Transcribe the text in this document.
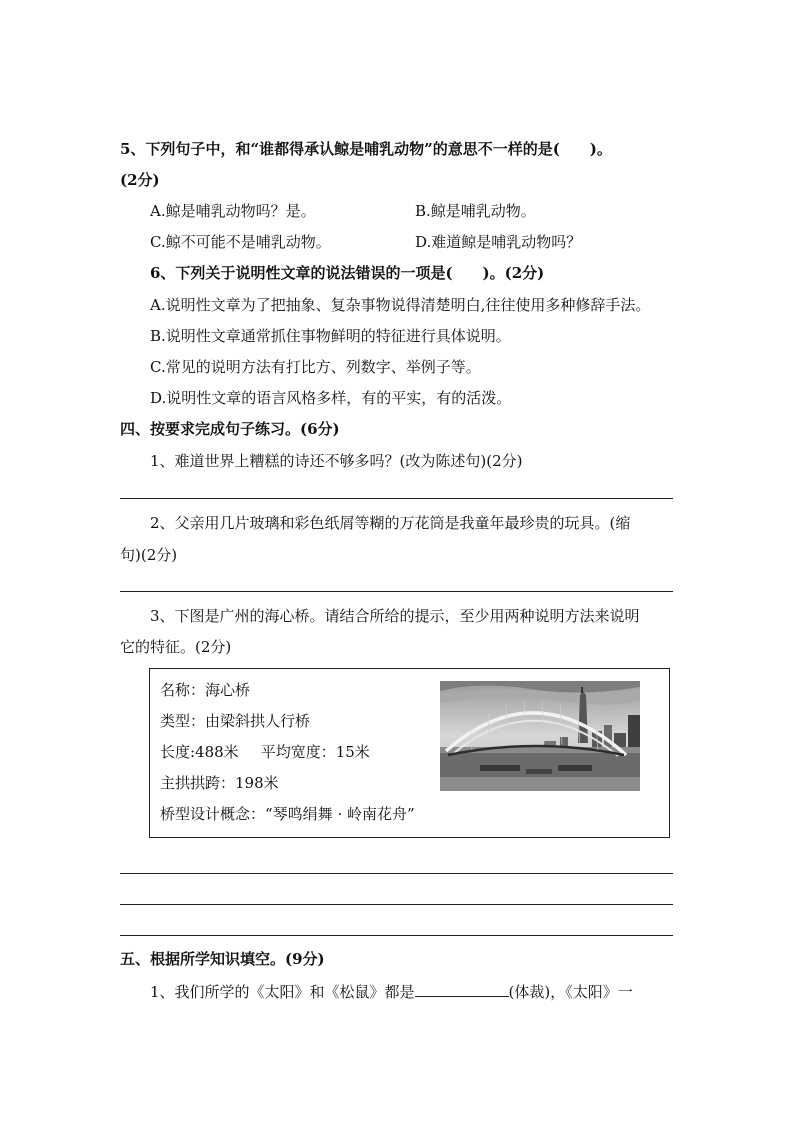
5、下列句子中，和“谁都得承认鲸是哺乳动物”的意思不一样的是(　　)。
(2分)
A.鲸是哺乳动物吗？是。	B.鲸是哺乳动物。
C.鲸不可能不是哺乳动物。	D.难道鲸是哺乳动物吗？
6、下列关于说明性文章的说法错误的一项是(　　)。(2分)
A.说明性文章为了把抽象、复杂事物说得清楚明白,往往使用多种修辞手法。
B.说明性文章通常抓住事物鲜明的特征进行具体说明。
C.常见的说明方法有打比方、列数字、举例子等。
D.说明性文章的语言风格多样，有的平实，有的活泼。
四、按要求完成句子练习。(6分)
1、难道世界上糟糕的诗还不够多吗？(改为陈述句)(2分)
2、父亲用几片玻璃和彩色纸屑等糊的万花筒是我童年最珍贵的玩具。(缩
句)(2分)
3、下图是广州的海心桥。请结合所给的提示，至少用两种说明方法来说明
它的特征。(2分)
名称：海心桥
类型：由梁斜拱人行桥
长度:488米 平均宽度：15米
主拱拱跨：198米
桥型设计概念：“琴鸣绢舞 · 岭南花舟”
五、根据所学知识填空。(9分)
1、我们所学的《太阳》和《松鼠》都是	(体裁)，《太阳》一
